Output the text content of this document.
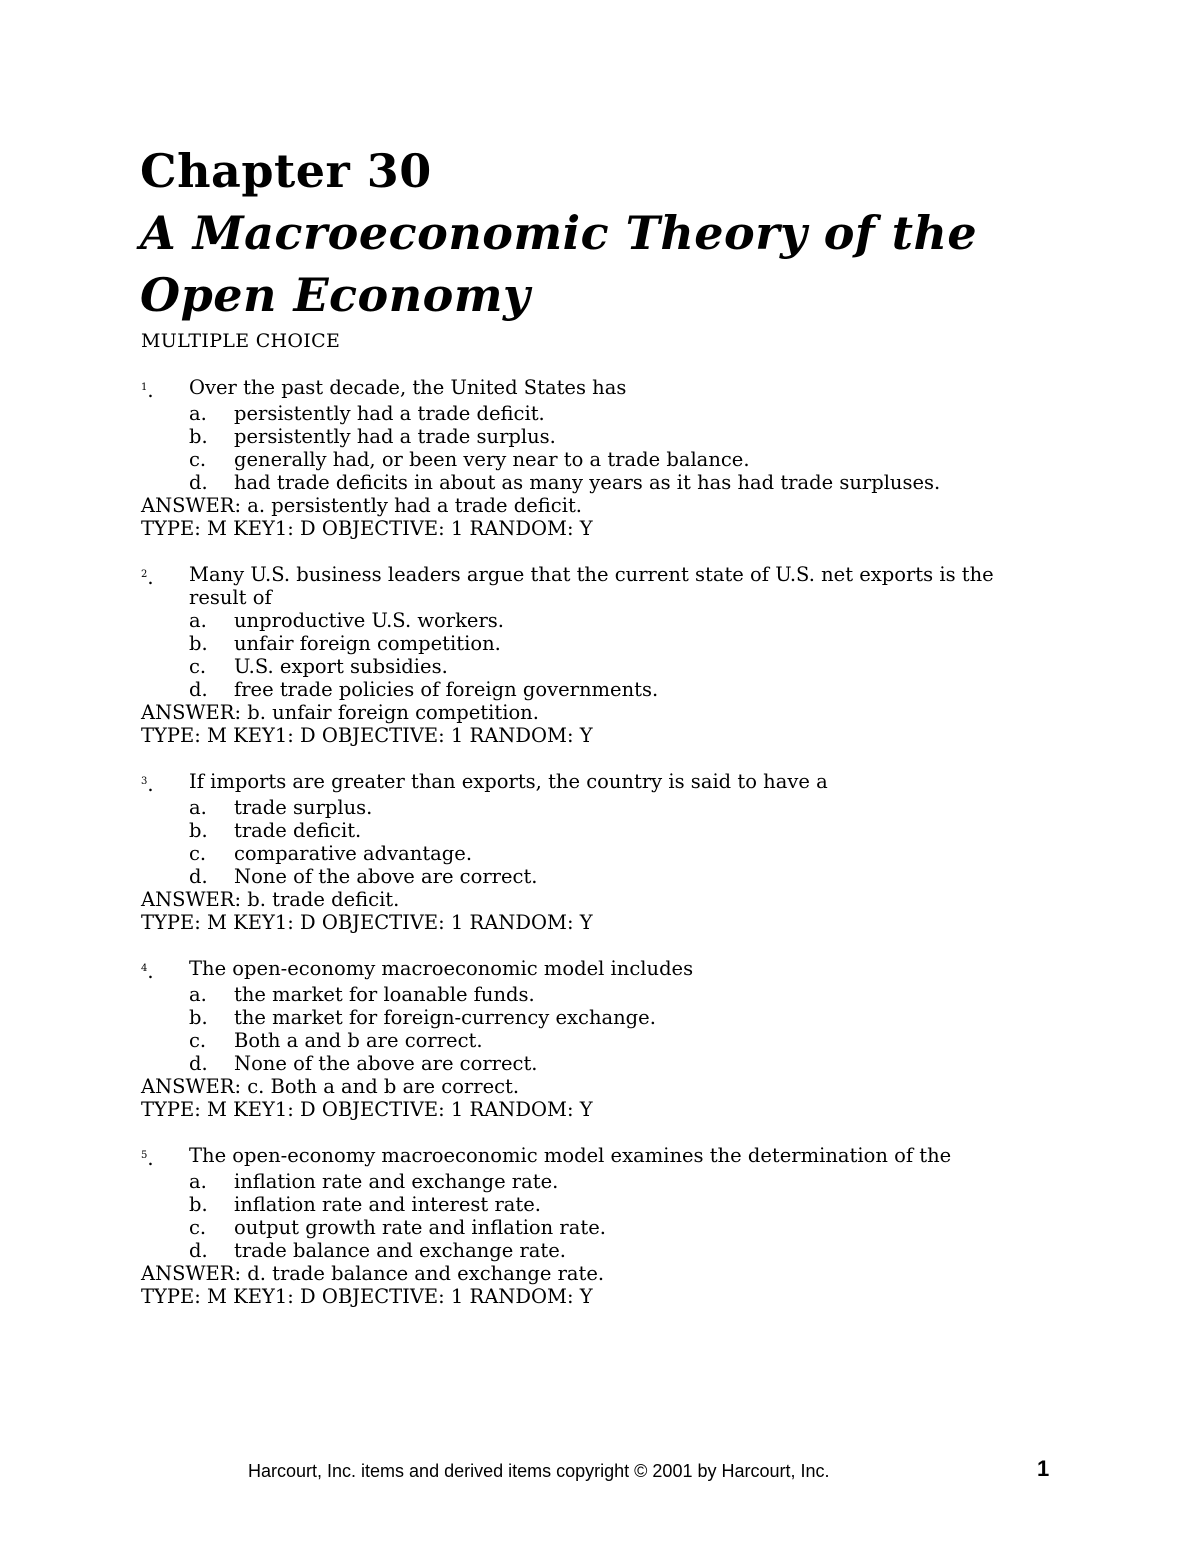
Chapter 30
A Macroeconomic Theory of the
Open Economy
MULTIPLE CHOICE
$^1$.	Over the past decade, the United States has
a.	persistently had a trade deficit.
b.	persistently had a trade surplus.
c.	generally had, or been very near to a trade balance.
d.	had trade deficits in about as many years as it has had trade surpluses.
ANSWER: a. persistently had a trade deficit.
TYPE: M KEY1: D OBJECTIVE: 1 RANDOM: Y
$^2$.	Many U.S. business leaders argue that the current state of U.S. net exports is the result of
a.	unproductive U.S. workers.
b.	unfair foreign competition.
c.	U.S. export subsidies.
d.	free trade policies of foreign governments.
ANSWER: b. unfair foreign competition.
TYPE: M KEY1: D OBJECTIVE: 1 RANDOM: Y
$^3$.	If imports are greater than exports, the country is said to have a
a.	trade surplus.
b.	trade deficit.
c.	comparative advantage.
d.	None of the above are correct.
ANSWER: b. trade deficit.
TYPE: M KEY1: D OBJECTIVE: 1 RANDOM: Y
$^4$.	The open-economy macroeconomic model includes
a.	the market for loanable funds.
b.	the market for foreign-currency exchange.
c.	Both a and b are correct.
d.	None of the above are correct.
ANSWER: c. Both a and b are correct.
TYPE: M KEY1: D OBJECTIVE: 1 RANDOM: Y
$^5$.	The open-economy macroeconomic model examines the determination of the
a.	inflation rate and exchange rate.
b.	inflation rate and interest rate.
c.	output growth rate and inflation rate.
d.	trade balance and exchange rate.
ANSWER: d. trade balance and exchange rate.
TYPE: M KEY1: D OBJECTIVE: 1 RANDOM: Y
Harcourt, Inc. items and derived items copyright © 2001 by Harcourt, Inc.	1
